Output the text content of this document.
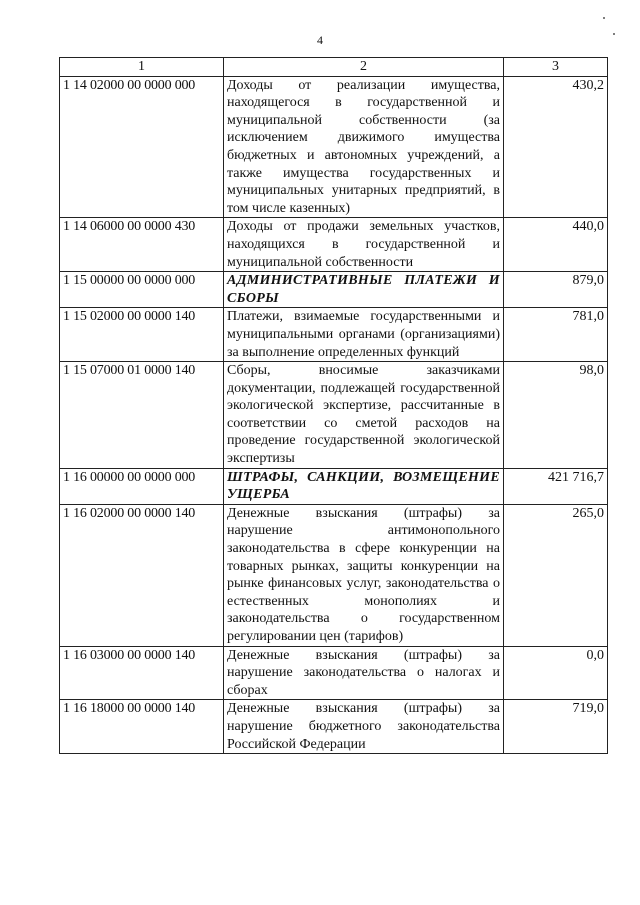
4
1	2	3
1 14 02000 00 0000 000	Доходы от реализации имущества, находящегося в государственной и муниципальной собственности (за исключением движимого имущества бюджетных и автономных учреждений, а также имущества государственных и муниципальных унитарных предприятий, в том числе казенных)	430,2
1 14 06000 00 0000 430	Доходы от продажи земельных участков, находящихся в государственной и муниципальной собственности	440,0
1 15 00000 00 0000 000	АДМИНИСТРАТИВНЫЕ ПЛАТЕЖИ И СБОРЫ	879,0
1 15 02000 00 0000 140	Платежи, взимаемые государственными и муниципальными органами (организациями) за выполнение определенных функций	781,0
1 15 07000 01 0000 140	Сборы, вносимые заказчиками документации, подлежащей государственной экологической экспертизе, рассчитанные в соответствии со сметой расходов на проведение государственной экологической экспертизы	98,0
1 16 00000 00 0000 000	ШТРАФЫ, САНКЦИИ, ВОЗМЕЩЕНИЕ УЩЕРБА	421 716,7
1 16 02000 00 0000 140	Денежные взыскания (штрафы) за нарушение антимонопольного законодательства в сфере конкуренции на товарных рынках, защиты конкуренции на рынке финансовых услуг, законодательства о естественных монополиях и законодательства о государственном регулировании цен (тарифов)	265,0
1 16 03000 00 0000 140	Денежные взыскания (штрафы) за нарушение законодательства о налогах и сборах	0,0
1 16 18000 00 0000 140	Денежные взыскания (штрафы) за нарушение бюджетного законодательства Российской Федерации	719,0
